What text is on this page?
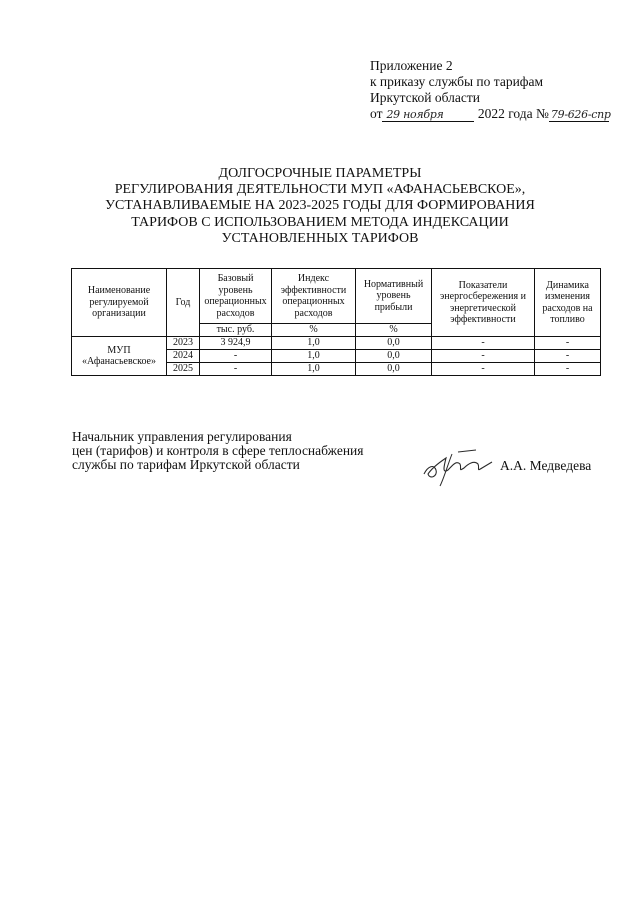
Приложение 2
к приказу службы по тарифам
Иркутской области
от 29 ноября	2022 года № 79-626-спр
ДОЛГОСРОЧНЫЕ ПАРАМЕТРЫ
РЕГУЛИРОВАНИЯ ДЕЯТЕЛЬНОСТИ МУП «АФАНАСЬЕВСКОЕ»,
УСТАНАВЛИВАЕМЫЕ НА 2023-2025 ГОДЫ ДЛЯ ФОРМИРОВАНИЯ
ТАРИФОВ С ИСПОЛЬЗОВАНИЕМ МЕТОДА ИНДЕКСАЦИИ
УСТАНОВЛЕННЫХ ТАРИФОВ
Наименование регулируемой организации	Год	Базовый уровень операционных расходов	Индекс эффективности операционных расходов	Нормативный уровень прибыли	Показатели энергосбережения и энергетической эффективности	Динамика изменения расходов на топливо
		тыс. руб.	%	%		
МУП «Афанасьевское»	2023	3 924,9	1,0	0,0	-	-
	2024	-	1,0	0,0	-	-
	2025	-	1,0	0,0	-	-
Начальник управления регулирования
цен (тарифов) и контроля в сфере теплоснабжения
службы по тарифам Иркутской области	А.А. Медведева
